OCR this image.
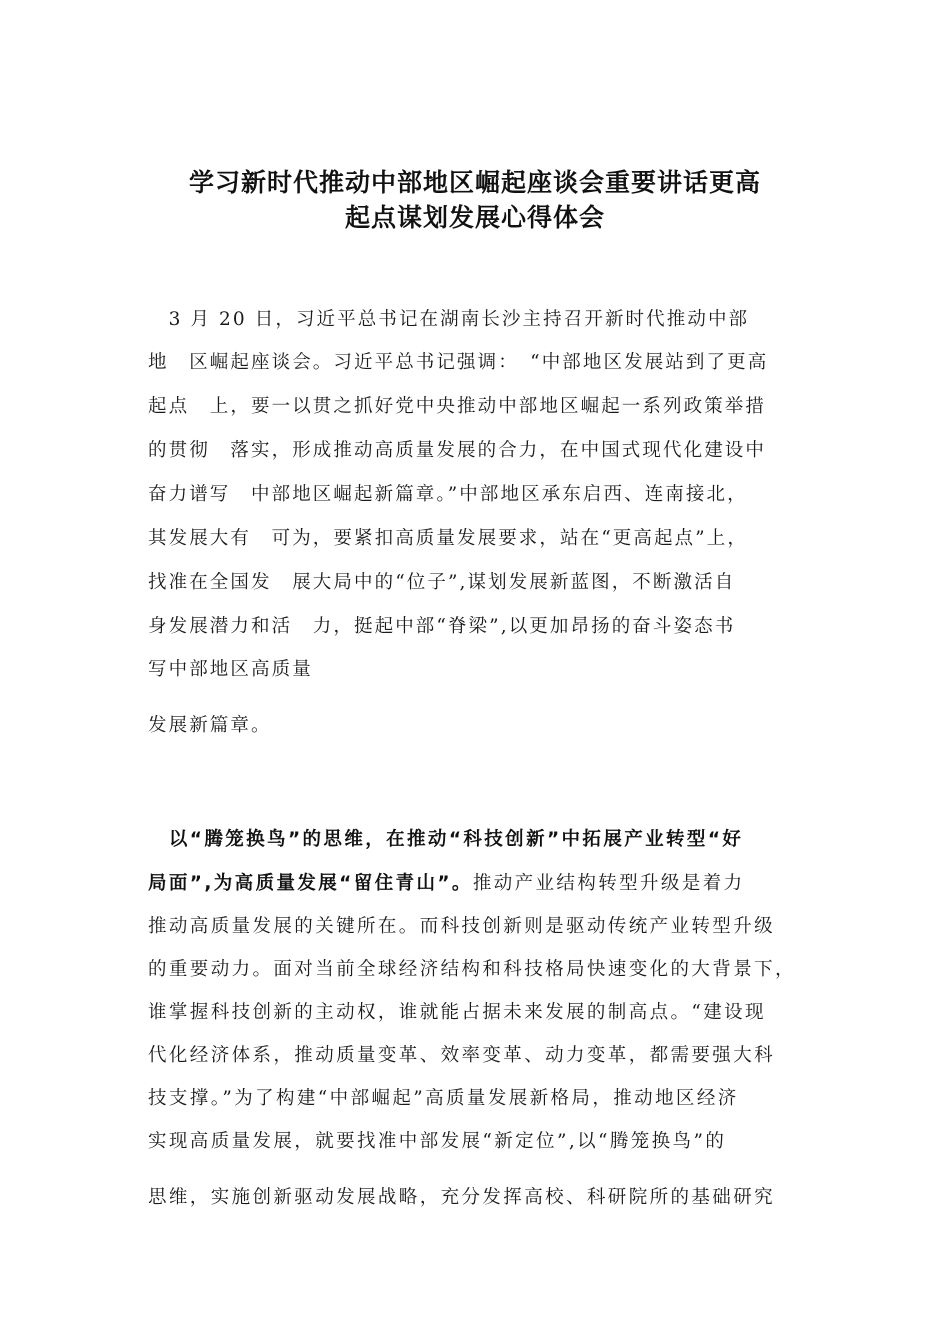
学习新时代推动中部地区崛起座谈会重要讲话更高
起点谋划发展心得体会
　3 月 20 日，习近平总书记在湖南长沙主持召开新时代推动中部
地　区崛起座谈会。习近平总书记强调：　“中部地区发展站到了更高
起点　上，要一以贯之抓好党中央推动中部地区崛起一系列政策举措
的贯彻　落实，形成推动高质量发展的合力，在中国式现代化建设中
奋力谱写　中部地区崛起新篇章。”中部地区承东启西、连南接北，
其发展大有　可为，要紧扣高质量发展要求，站在“更高起点”上，
找准在全国发　展大局中的“位子”,谋划发展新蓝图，不断激活自
身发展潜力和活　力，挺起中部“脊梁”,以更加昂扬的奋斗姿态书
写中部地区高质量
发展新篇章。
　以“腾笼换鸟”的思维，在推动“科技创新”中拓展产业转型“好
局面”,为高质量发展“留住青山”。推动产业结构转型升级是着力
推动高质量发展的关键所在。而科技创新则是驱动传统产业转型升级
的重要动力。面对当前全球经济结构和科技格局快速变化的大背景下，
谁掌握科技创新的主动权，谁就能占据未来发展的制高点。“建设现
代化经济体系，推动质量变革、效率变革、动力变革，都需要强大科
技支撑。”为了构建“中部崛起”高质量发展新格局，推动地区经济
实现高质量发展，就要找准中部发展“新定位”,以“腾笼换鸟”的
思维，实施创新驱动发展战略，充分发挥高校、科研院所的基础研究
